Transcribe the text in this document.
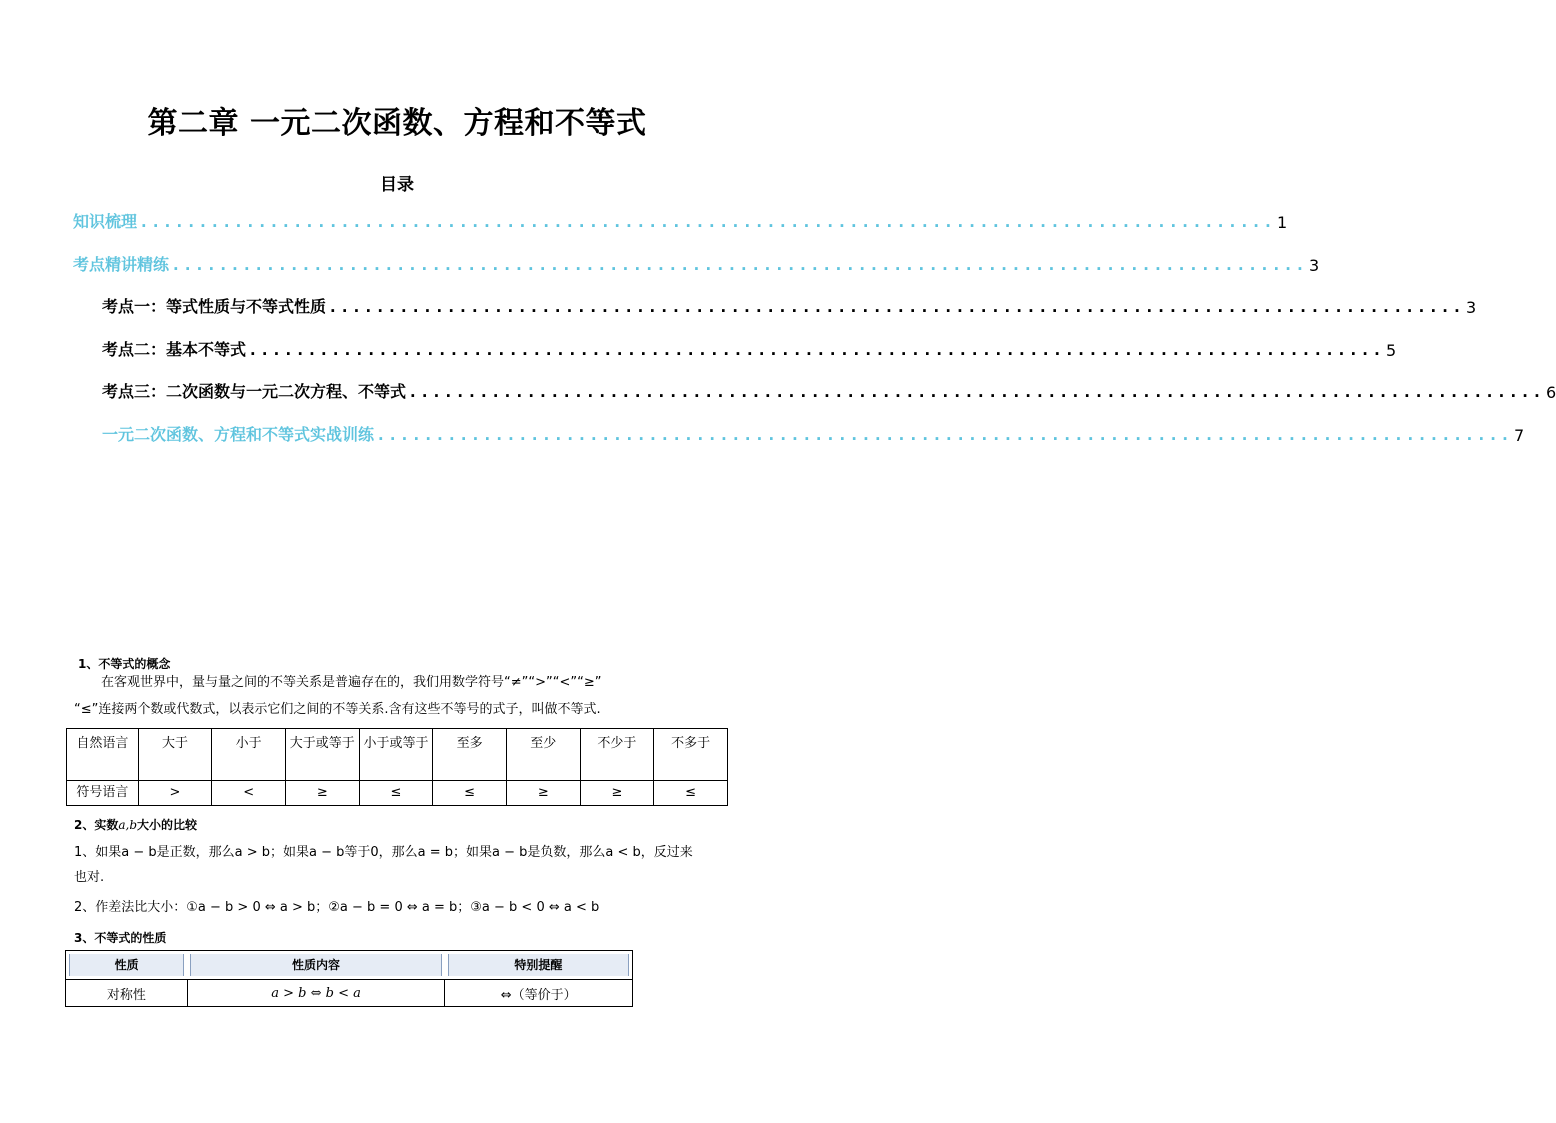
第二章 一元二次函数、方程和不等式
目录
知识梳理 ................................................................................................ 1
考点精讲精练 ................................................................................................ 3
考点一：等式性质与不等式性质 ................................................................................................ 3
考点二：基本不等式 ................................................................................................ 5
考点三：二次函数与一元二次方程、不等式 ................................................................................................ 6
一元二次函数、方程和不等式实战训练 ................................................................................................ 7
1、不等式的概念
在客观世界中，量与量之间的不等关系是普遍存在的，我们用数学符号“≠”“>”“<”“≥”
“≤”连接两个数或代数式，以表示它们之间的不等关系.含有这些不等号的式子，叫做不等式.
自然语言	大于	小于	大于或等于	小于或等于	至多	至少	不少于	不多于
符号语言	>	<	≥	≤	≤	≥	≥	≤
2、实数a,b大小的比较
1、如果a − b是正数，那么a > b；如果a − b等于0，那么a = b；如果a − b是负数，那么a < b，反过来
也对.
2、作差法比大小：①a − b > 0 ⇔ a > b；②a − b = 0 ⇔ a = b；③a − b < 0 ⇔ a < b
3、不等式的性质
性质	性质内容	特别提醒

对称性	a > b ⇔ b < a	⇔（等价于）
